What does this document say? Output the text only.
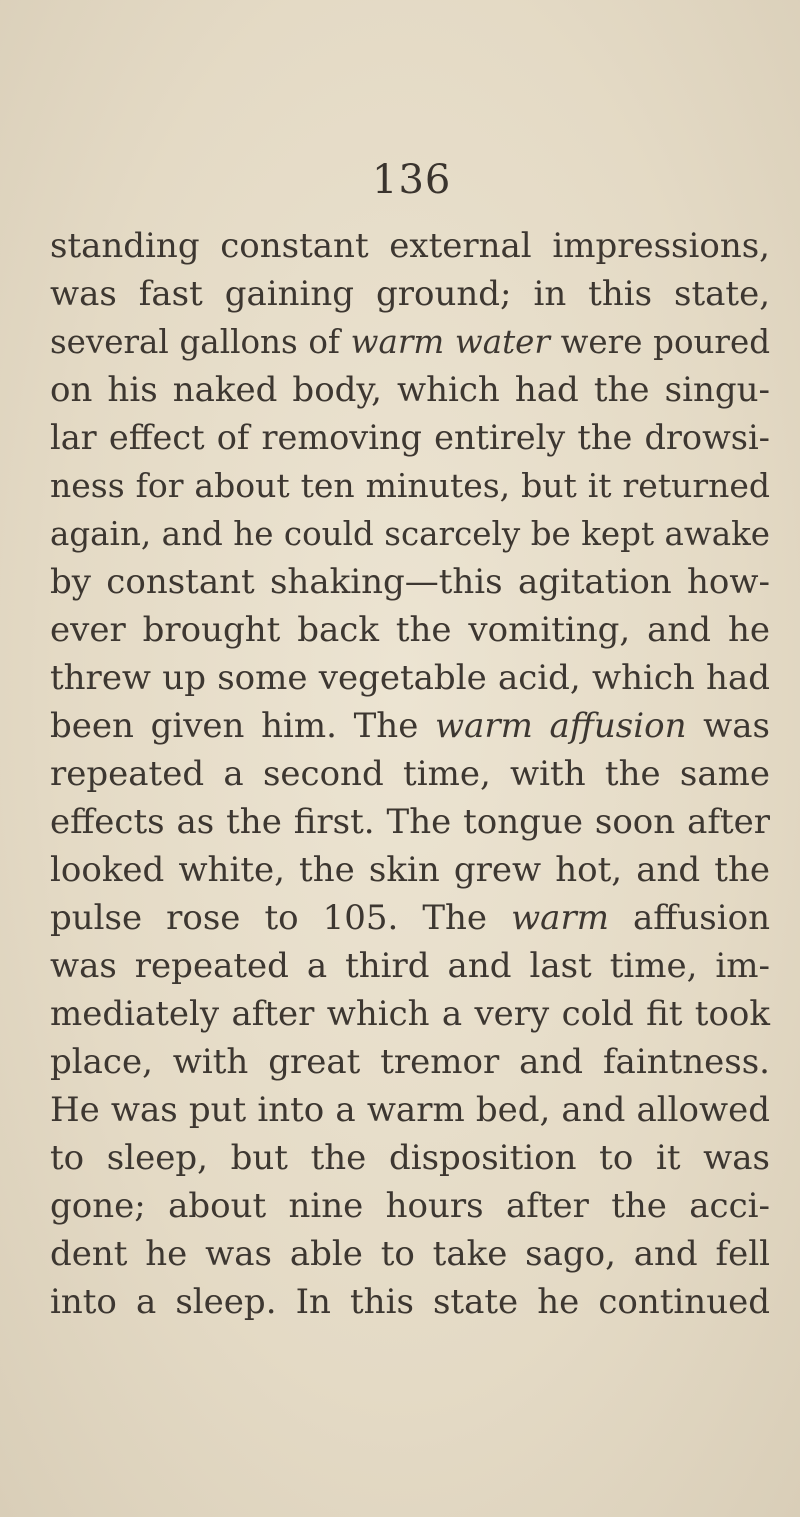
136
standing constant external impressions,
was fast gaining ground; in this state,
several gallons of warm water were poured
on his naked body, which had the singu-
lar effect of removing entirely the drowsi-
ness for about ten minutes, but it returned
again, and he could scarcely be kept awake
by constant shaking—this agitation how-
ever brought back the vomiting, and he
threw up some vegetable acid, which had
been given him. The warm affusion was
repeated a second time, with the same
effects as the first. The tongue soon after
looked white, the skin grew hot, and the
pulse rose to 105. The warm affusion
was repeated a third and last time, im-
mediately after which a very cold fit took
place, with great tremor and faintness.
He was put into a warm bed, and allowed
to sleep, but the disposition to it was
gone; about nine hours after the acci-
dent he was able to take sago, and fell
into a sleep. In this state he continued
